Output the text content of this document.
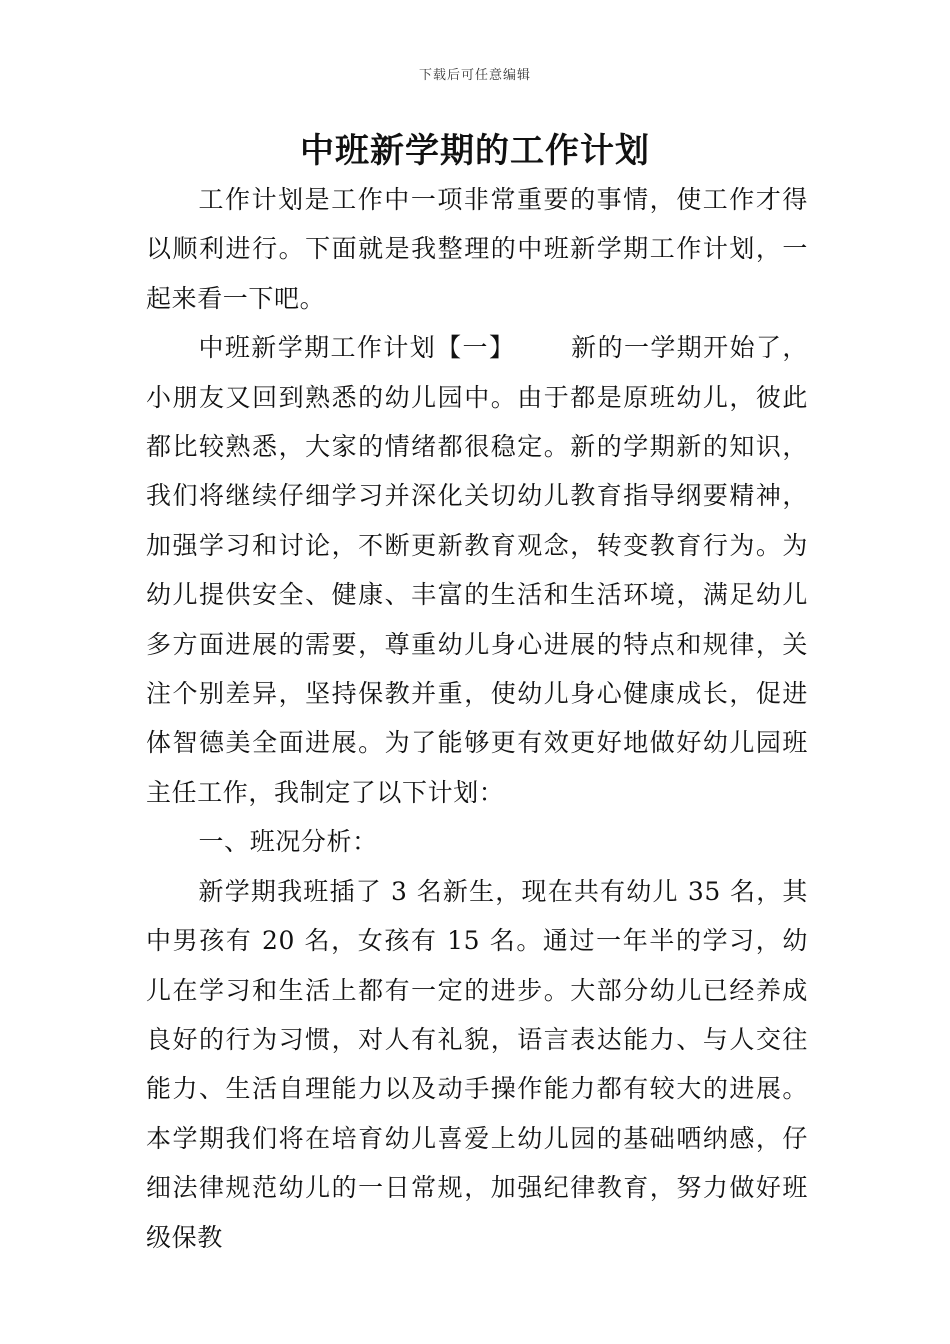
下载后可任意编辑
中班新学期的工作计划

工作计划是工作中一项非常重要的事情，使工作才得以顺利进行。下面就是我整理的中班新学期工作计划，一起来看一下吧。

中班新学期工作计划【一】 新的一学期开始了，小朋友又回到熟悉的幼儿园中。由于都是原班幼儿，彼此都比较熟悉，大家的情绪都很稳定。新的学期新的知识，我们将继续仔细学习并深化关切幼儿教育指导纲要精神，加强学习和讨论，不断更新教育观念，转变教育行为。为幼儿提供安全、健康、丰富的生活和生活环境，满足幼儿多方面进展的需要，尊重幼儿身心进展的特点和规律，关注个别差异，坚持保教并重，使幼儿身心健康成长，促进体智德美全面进展。为了能够更有效更好地做好幼儿园班主任工作，我制定了以下计划：

一、班况分析：

新学期我班插了 3 名新生，现在共有幼儿 35 名，其中男孩有 20 名，女孩有 15 名。通过一年半的学习，幼儿在学习和生活上都有一定的进步。大部分幼儿已经养成良好的行为习惯，对人有礼貌，语言表达能力、与人交往能力、生活自理能力以及动手操作能力都有较大的进展。本学期我们将在培育幼儿喜爱上幼儿园的基础哂纳感，仔细法律规范幼儿的一日常规，加强纪律教育，努力做好班级保教
